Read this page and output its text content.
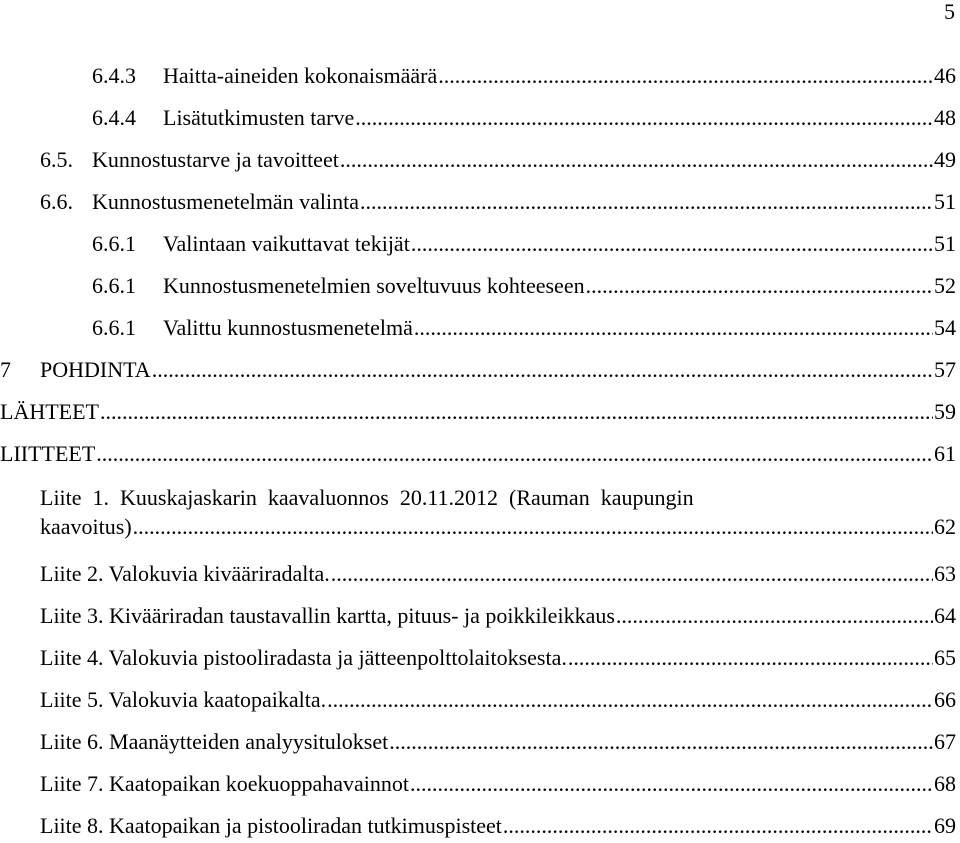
5
6.4.3	Haitta-aineiden kokonaismäärä .....	46
6.4.4	Lisätutkimusten tarve .....	48
6.5. Kunnostustarve ja tavoitteet .....	49
6.6. Kunnostusmenetelmän valinta .....	51
6.6.1	Valintaan vaikuttavat tekijät .....	51
6.6.1	Kunnostusmenetelmien soveltuvuus kohteeseen .....	52
6.6.1	Valittu kunnostusmenetelmä .....	54
7	POHDINTA .....	57
LÄHTEET .....	59
LIITTEET .....	61
Liite  1.  Kuuskajaskarin  kaavaluonnos  20.11.2012  (Rauman  kaupungin
kaavoitus) .....	62
Liite 2. Valokuvia kivääriradalta. .....	63
Liite 3. Kivääriradan taustavallin kartta, pituus- ja poikkileikkaus .....	64
Liite 4. Valokuvia pistooliradasta ja jätteenpolttolaitoksesta. .....	65
Liite 5. Valokuvia kaatopaikalta. .....	66
Liite 6. Maanäytteiden analyysitulokset .....	67
Liite 7. Kaatopaikan koekuoppahavainnot .....	68
Liite 8. Kaatopaikan ja pistooliradan tutkimuspisteet .....	69
